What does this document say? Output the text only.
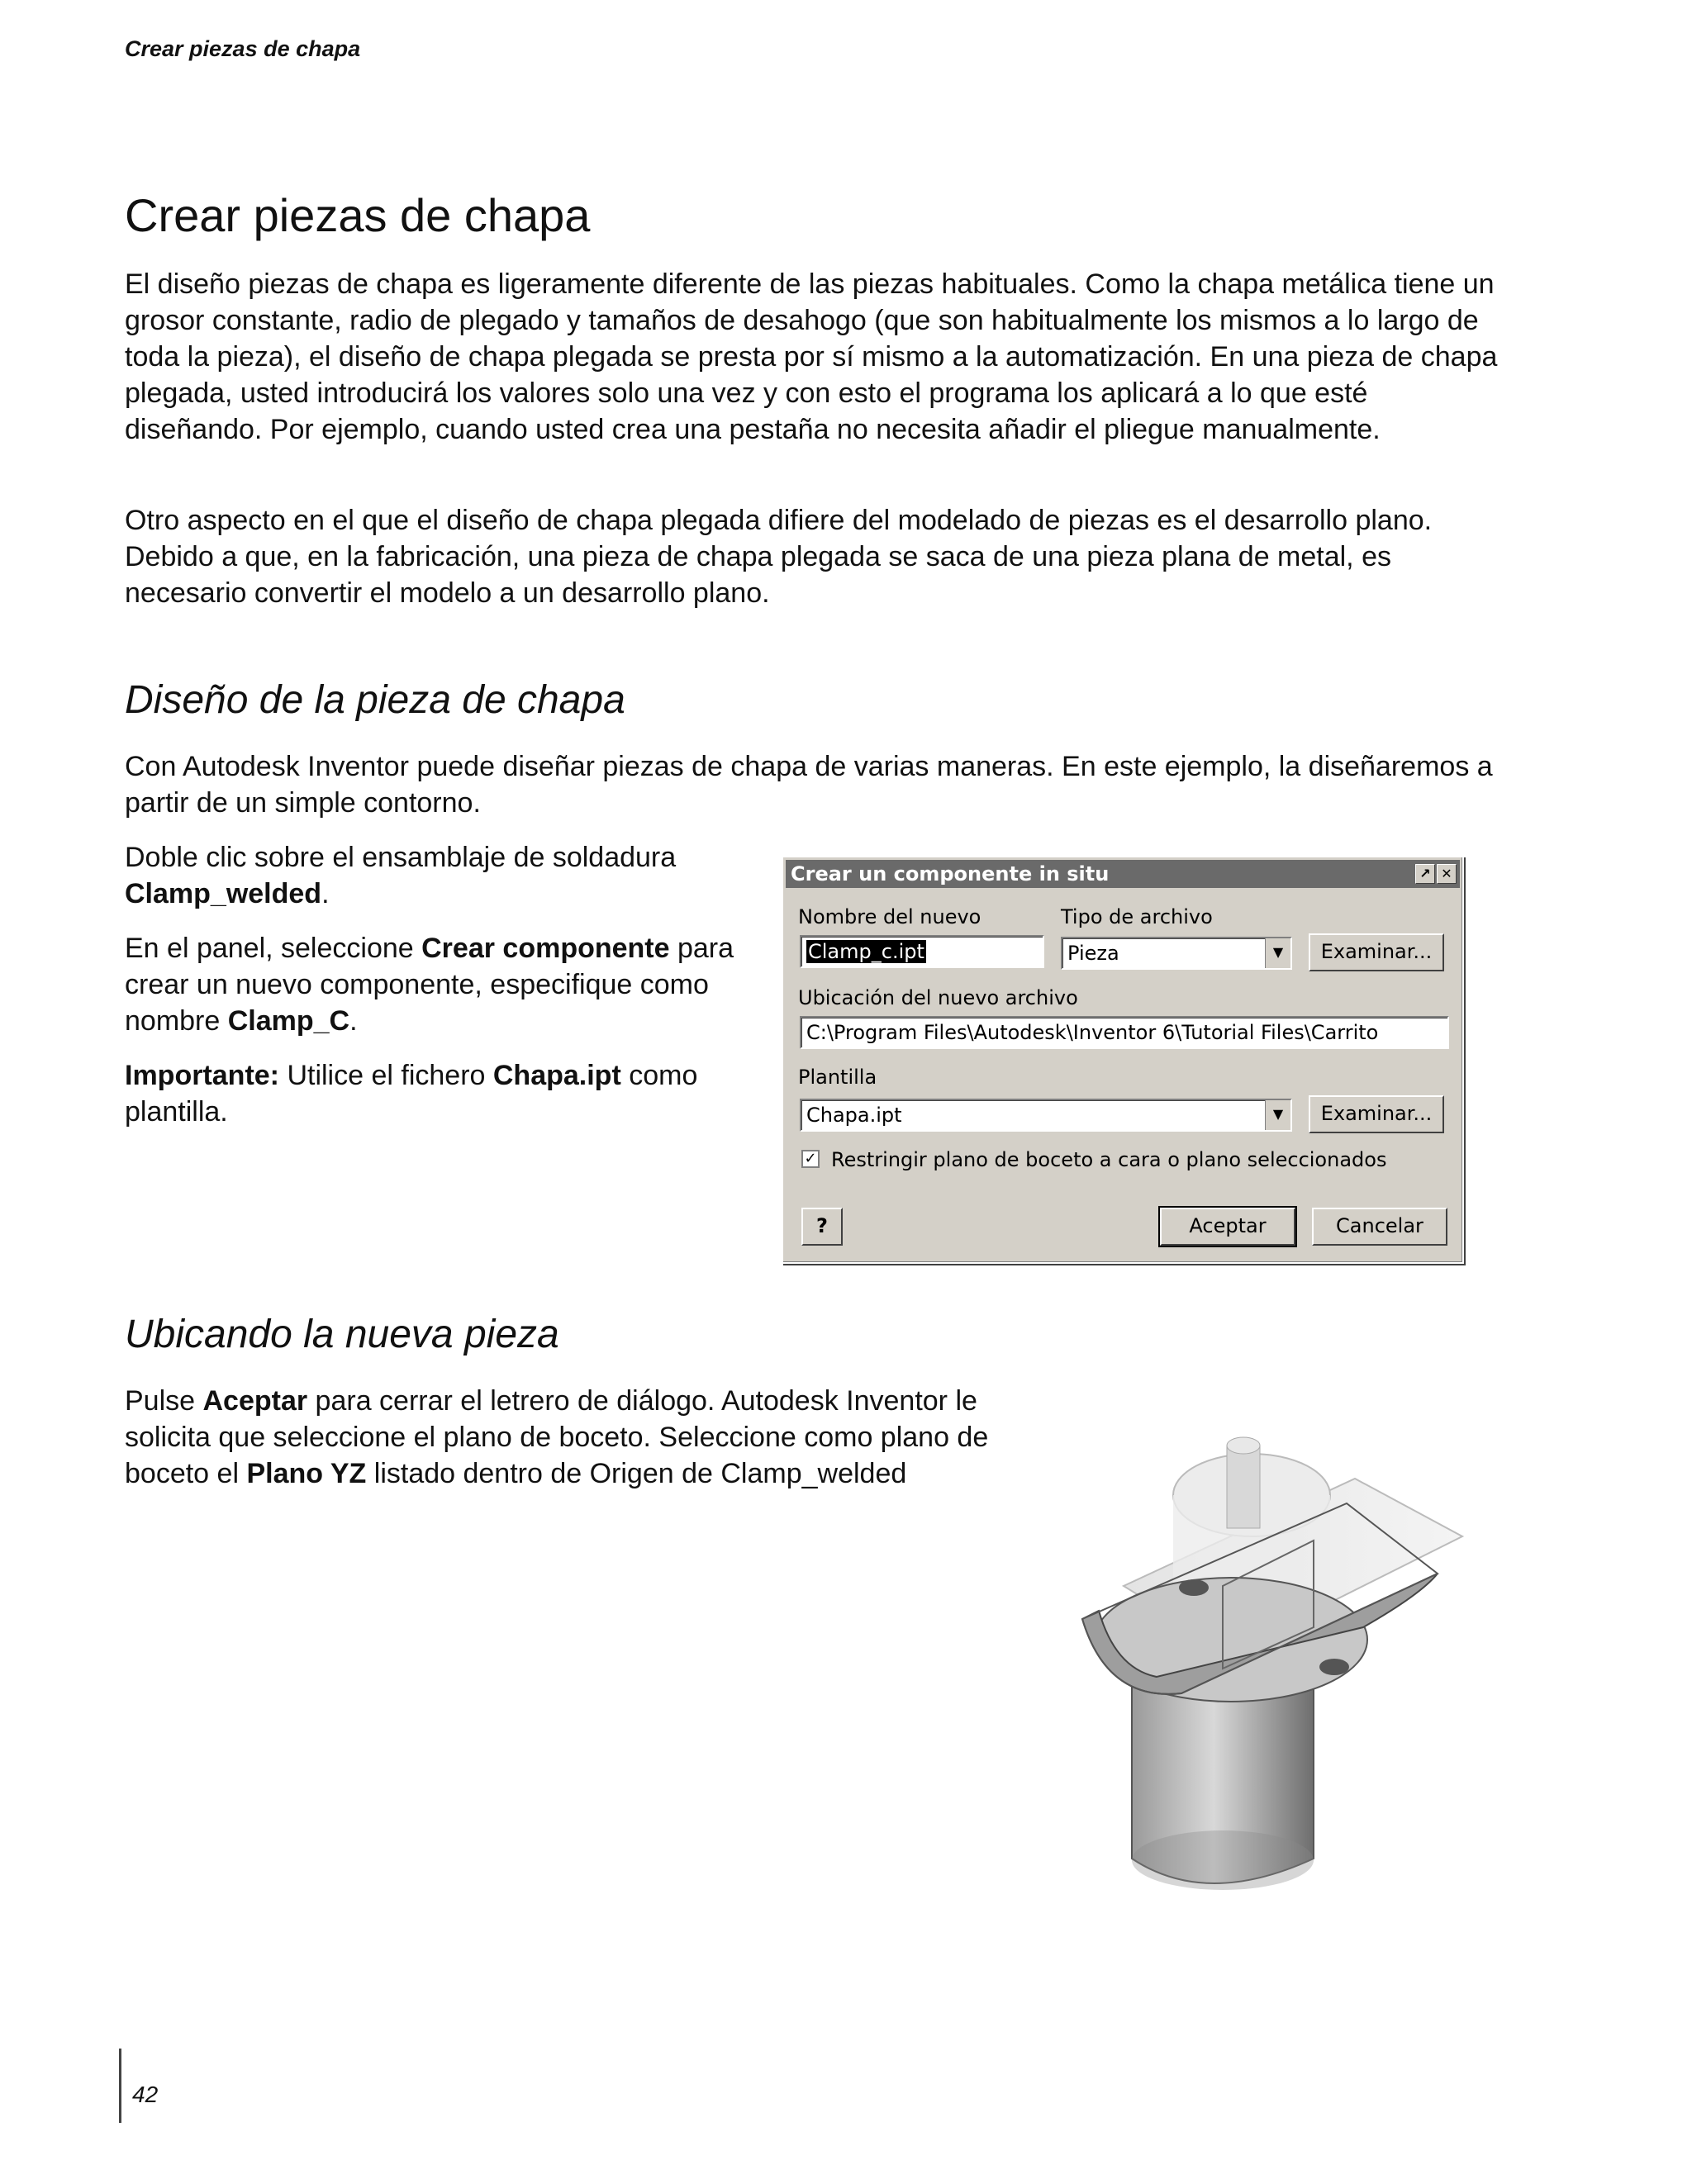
Crear piezas de chapa
Crear piezas de chapa

El diseño piezas de chapa es ligeramente diferente de las piezas habituales. Como la chapa metálica tiene un grosor constante, radio de plegado y tamaños de desahogo (que son habitualmente los mismos a lo largo de toda la pieza), el diseño de chapa plegada se presta por sí mismo a la automatización. En una pieza de chapa plegada, usted introducirá los valores solo una vez y con esto el programa los aplicará a lo que esté diseñando. Por ejemplo, cuando usted crea una pestaña no necesita añadir el pliegue manualmente.

Otro aspecto en el que el diseño de chapa plegada difiere del modelado de piezas es el desarrollo plano. Debido a que, en la fabricación, una pieza de chapa plegada se saca de una pieza plana de metal, es necesario convertir el modelo a un desarrollo plano.

Diseño de la pieza de chapa

Con Autodesk Inventor puede diseñar piezas de chapa de varias maneras. En este ejemplo, la diseñaremos a partir de un simple contorno.

Doble clic sobre el ensamblaje de soldadura Clamp_welded.

En el panel, seleccione Crear componente para crear un nuevo componente, especifique como nombre Clamp_C.

Importante: Utilice el fichero Chapa.ipt como plantilla.

Crear un componente in situ	↗ ✕
Nombre del nuevo	Tipo de archivo
Clamp_c.ipt	Pieza	▼	Examinar...
Ubicación del nuevo archivo
C:\Program Files\Autodesk\Inventor 6\Tutorial Files\Carrito
Plantilla
Chapa.ipt	▼	Examinar...
✓ Restringir plano de boceto a cara o plano seleccionados
?	Aceptar	Cancelar
Ubicando la nueva pieza

Pulse Aceptar para cerrar el letrero de diálogo. Autodesk Inventor le solicita que seleccione el plano de boceto. Seleccione como plano de boceto el Plano YZ listado dentro de Origen de Clamp_welded

42
